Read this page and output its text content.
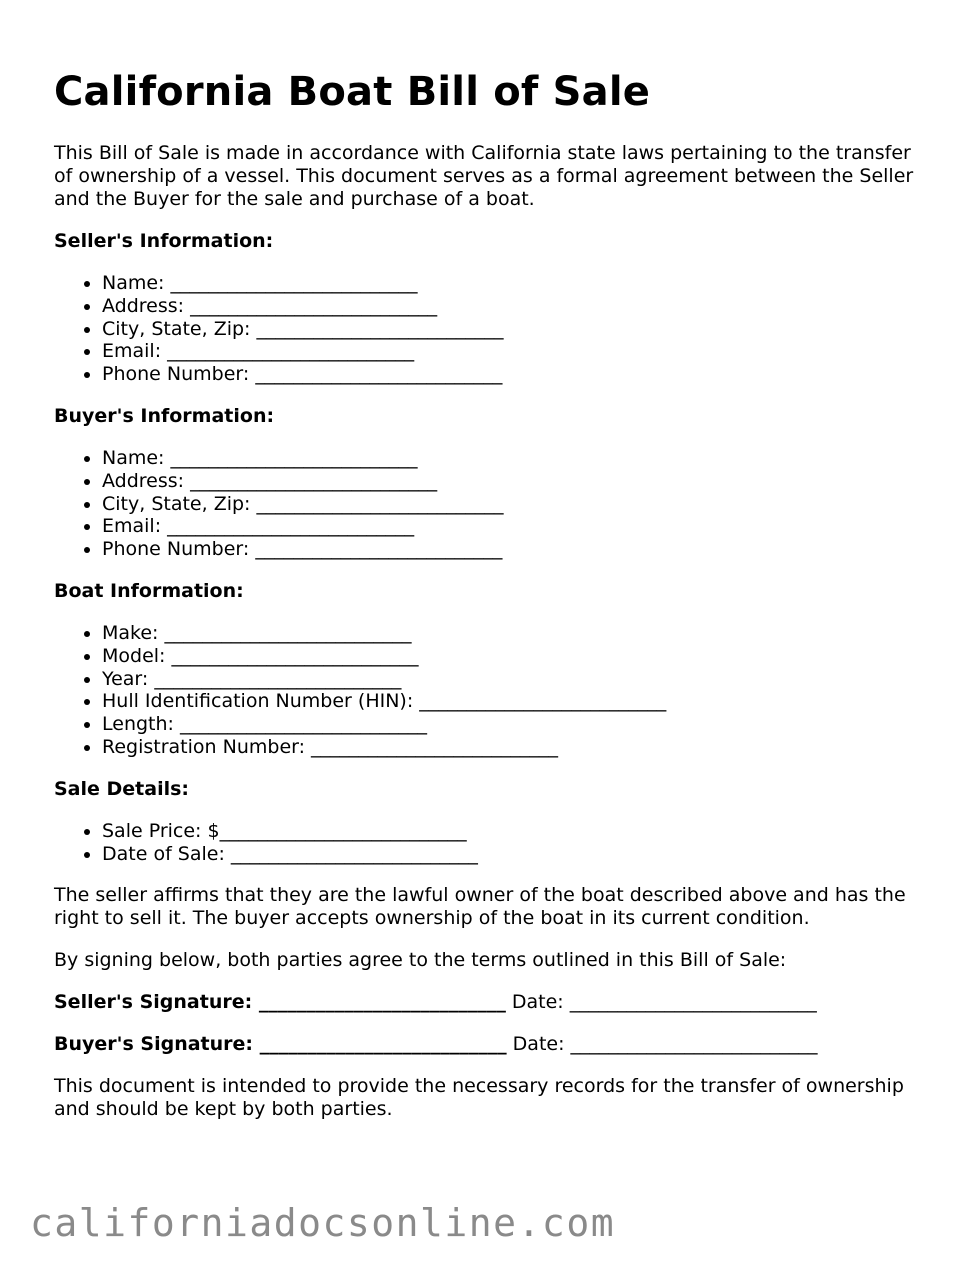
California Boat Bill of Sale

This Bill of Sale is made in accordance with California state laws pertaining to the transfer of ownership of a vessel. This document serves as a formal agreement between the Seller and the Buyer for the sale and purchase of a boat.

Seller's Information:
• Name: __________________________
• Address: __________________________
• City, State, Zip: __________________________
• Email: __________________________
• Phone Number: __________________________
Buyer's Information:
• Name: __________________________
• Address: __________________________
• City, State, Zip: __________________________
• Email: __________________________
• Phone Number: __________________________
Boat Information:
• Make: __________________________
• Model: __________________________
• Year: __________________________
• Hull Identification Number (HIN): __________________________
• Length: __________________________
• Registration Number: __________________________
Sale Details:
• Sale Price: $__________________________
• Date of Sale: __________________________

The seller affirms that they are the lawful owner of the boat described above and has the right to sell it. The buyer accepts ownership of the boat in its current condition.

By signing below, both parties agree to the terms outlined in this Bill of Sale:

Seller's Signature: __________________________ Date: __________________________
Buyer's Signature: __________________________ Date: __________________________

This document is intended to provide the necessary records for the transfer of ownership and should be kept by both parties.

californiadocsonline.com
